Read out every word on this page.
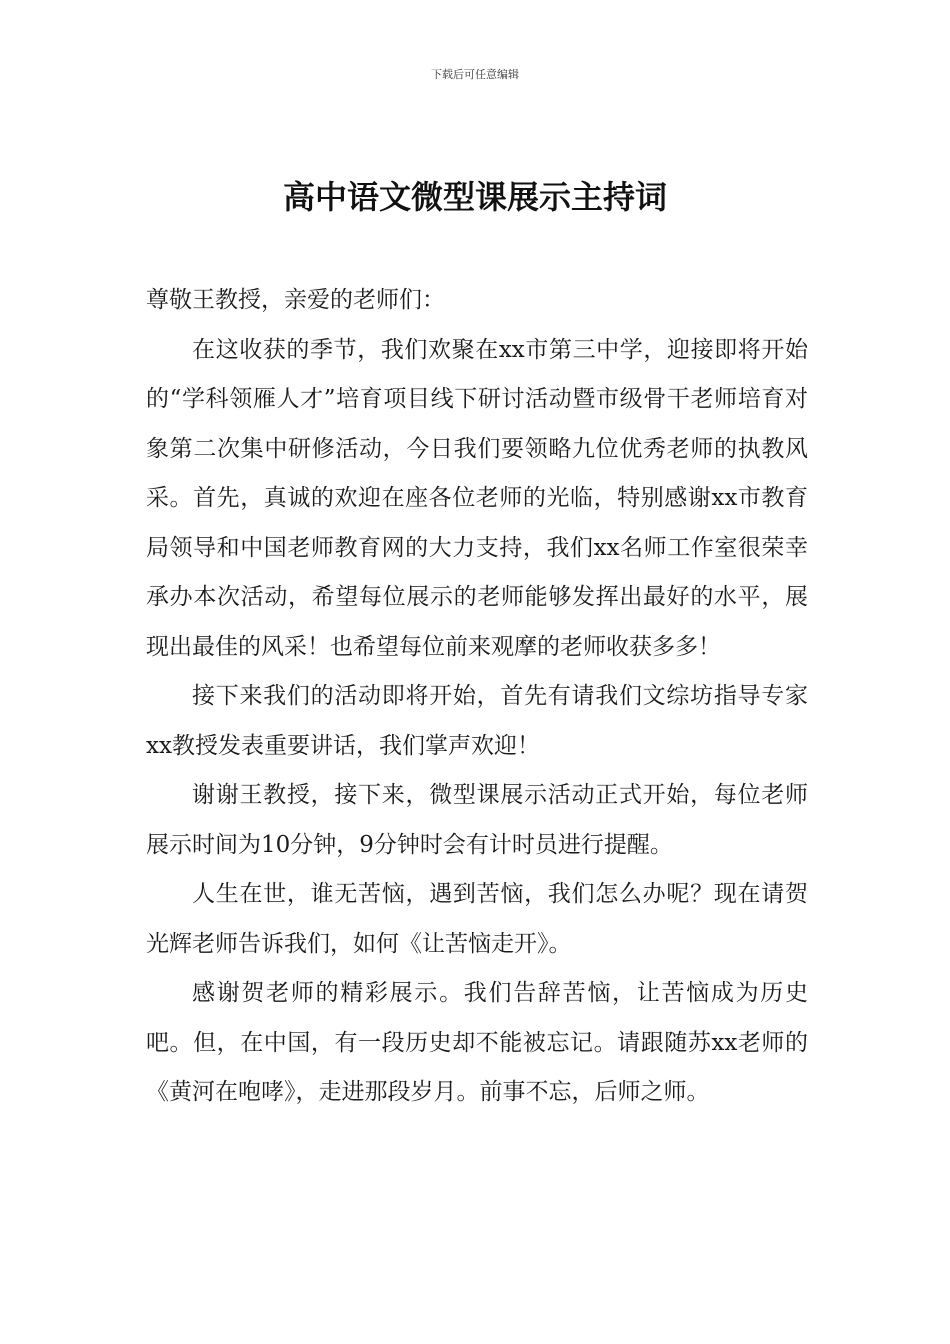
下载后可任意编辑
高中语文微型课展示主持词

尊敬王教授，亲爱的老师们：

在这收获的季节，我们欢聚在xx市第三中学，迎接即将开始的“学科领雁人才”培育项目线下研讨活动暨市级骨干老师培育对象第二次集中研修活动，今日我们要领略九位优秀老师的执教风采。首先，真诚的欢迎在座各位老师的光临，特别感谢xx市教育局领导和中国老师教育网的大力支持，我们xx名师工作室很荣幸承办本次活动，希望每位展示的老师能够发挥出最好的水平，展现出最佳的风采！也希望每位前来观摩的老师收获多多！

接下来我们的活动即将开始，首先有请我们文综坊指导专家xx教授发表重要讲话，我们掌声欢迎！

谢谢王教授，接下来，微型课展示活动正式开始，每位老师展示时间为10分钟，9分钟时会有计时员进行提醒。

人生在世，谁无苦恼，遇到苦恼，我们怎么办呢？现在请贺光辉老师告诉我们，如何《让苦恼走开》。

感谢贺老师的精彩展示。我们告辞苦恼，让苦恼成为历史吧。但，在中国，有一段历史却不能被忘记。请跟随苏xx老师的《黄河在咆哮》，走进那段岁月。前事不忘，后师之师。
